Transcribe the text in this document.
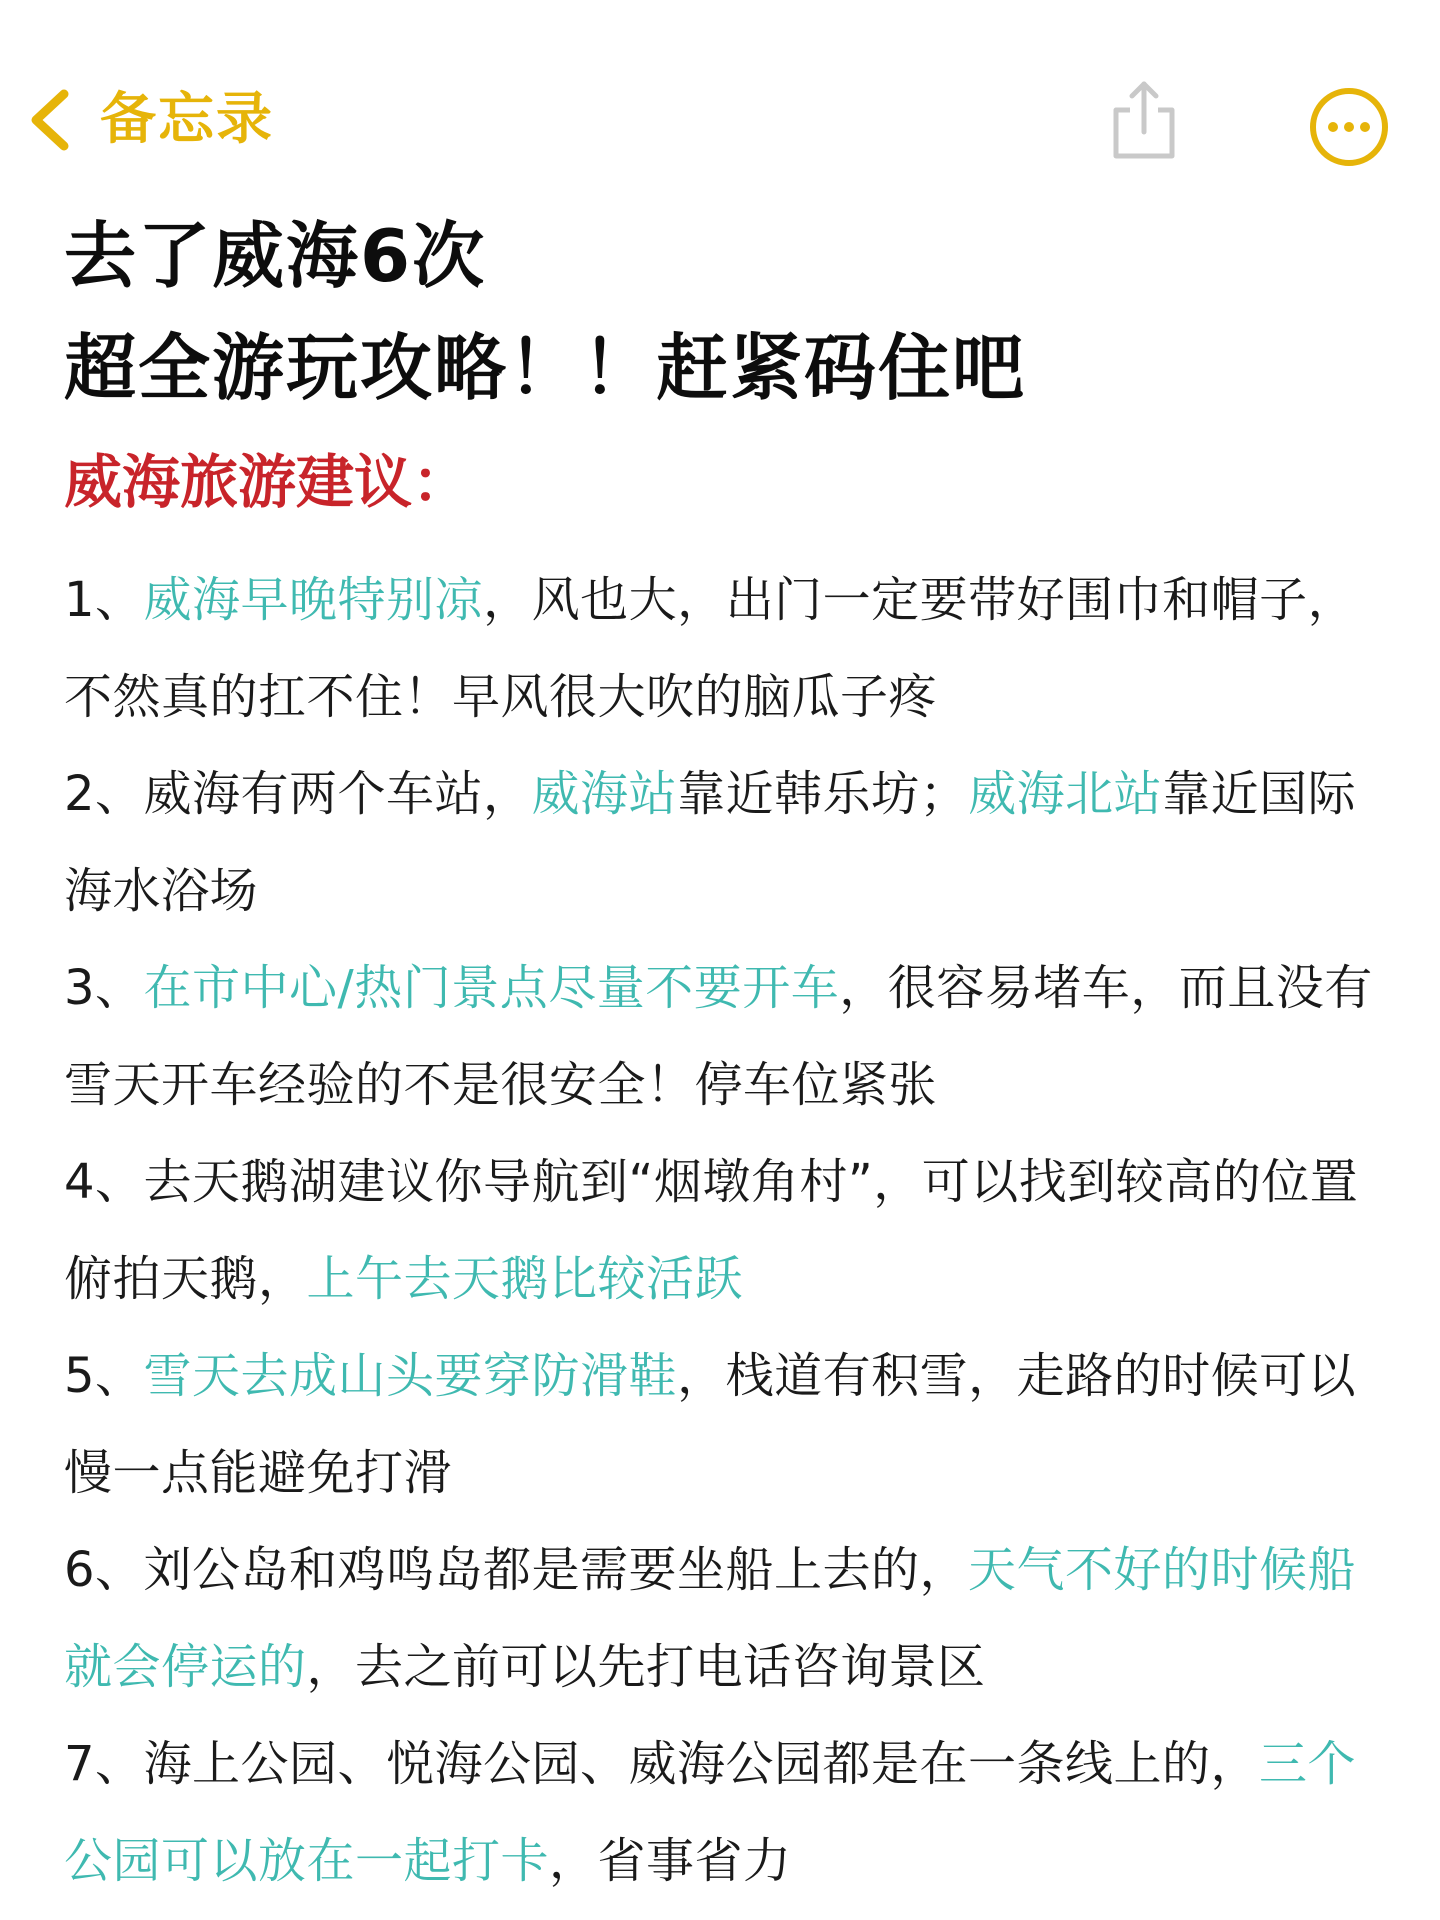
备忘录
去了威海6次
超全游玩攻略！！赶紧码住吧
威海旅游建议：
1、威海早晚特别凉，风也大，出门一定要带好围巾和帽子，不然真的扛不住！早风很大吹的脑瓜子疼
2、威海有两个车站，威海站靠近韩乐坊；威海北站靠近国际海水浴场
3、在市中心/热门景点尽量不要开车，很容易堵车，而且没有雪天开车经验的不是很安全！停车位紧张
4、去天鹅湖建议你导航到“烟墩角村”，可以找到较高的位置俯拍天鹅，上午去天鹅比较活跃
5、雪天去成山头要穿防滑鞋，栈道有积雪，走路的时候可以慢一点能避免打滑
6、刘公岛和鸡鸣岛都是需要坐船上去的，天气不好的时候船就会停运的，去之前可以先打电话咨询景区
7、海上公园、悦海公园、威海公园都是在一条线上的，三个公园可以放在一起打卡，省事省力
